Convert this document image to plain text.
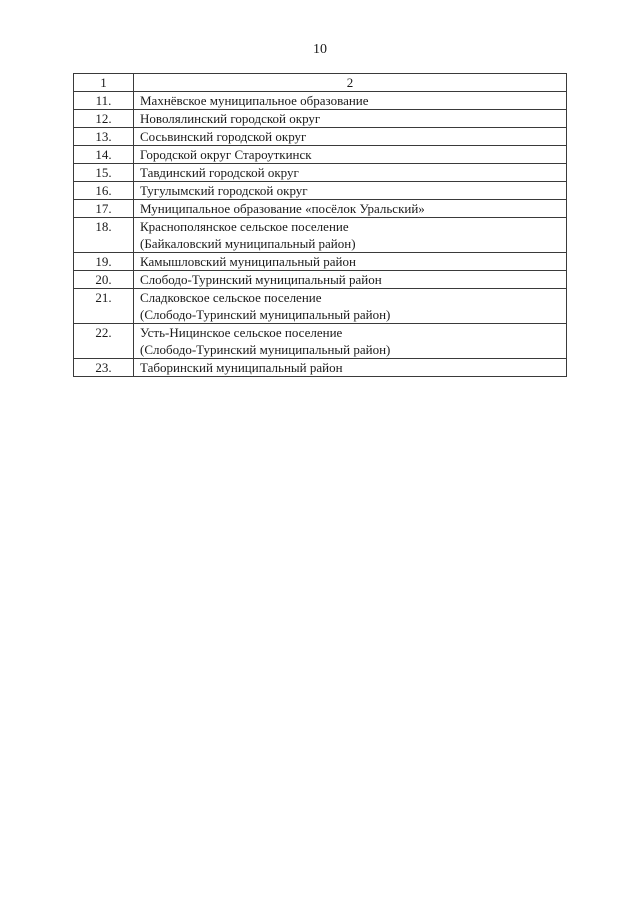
10
1	2
11.	Махнёвское муниципальное образование

12.	Новолялинский городской округ

13.	Сосьвинский городской округ

14.	Городской округ Староуткинск

15.	Тавдинский городской округ

16.	Тугулымский городской округ

17.	Муниципальное образование «посёлок Уральский»

18.	Краснополянское сельское поселение
(Байкаловский муниципальный район)

19.	Камышловский муниципальный район

20.	Слободо-Туринский муниципальный район

21.	Сладковское сельское поселение
(Слободо-Туринский муниципальный район)

22.	Усть-Ницинское сельское поселение
(Слободо-Туринский муниципальный район)

23.	Таборинский муниципальный район
